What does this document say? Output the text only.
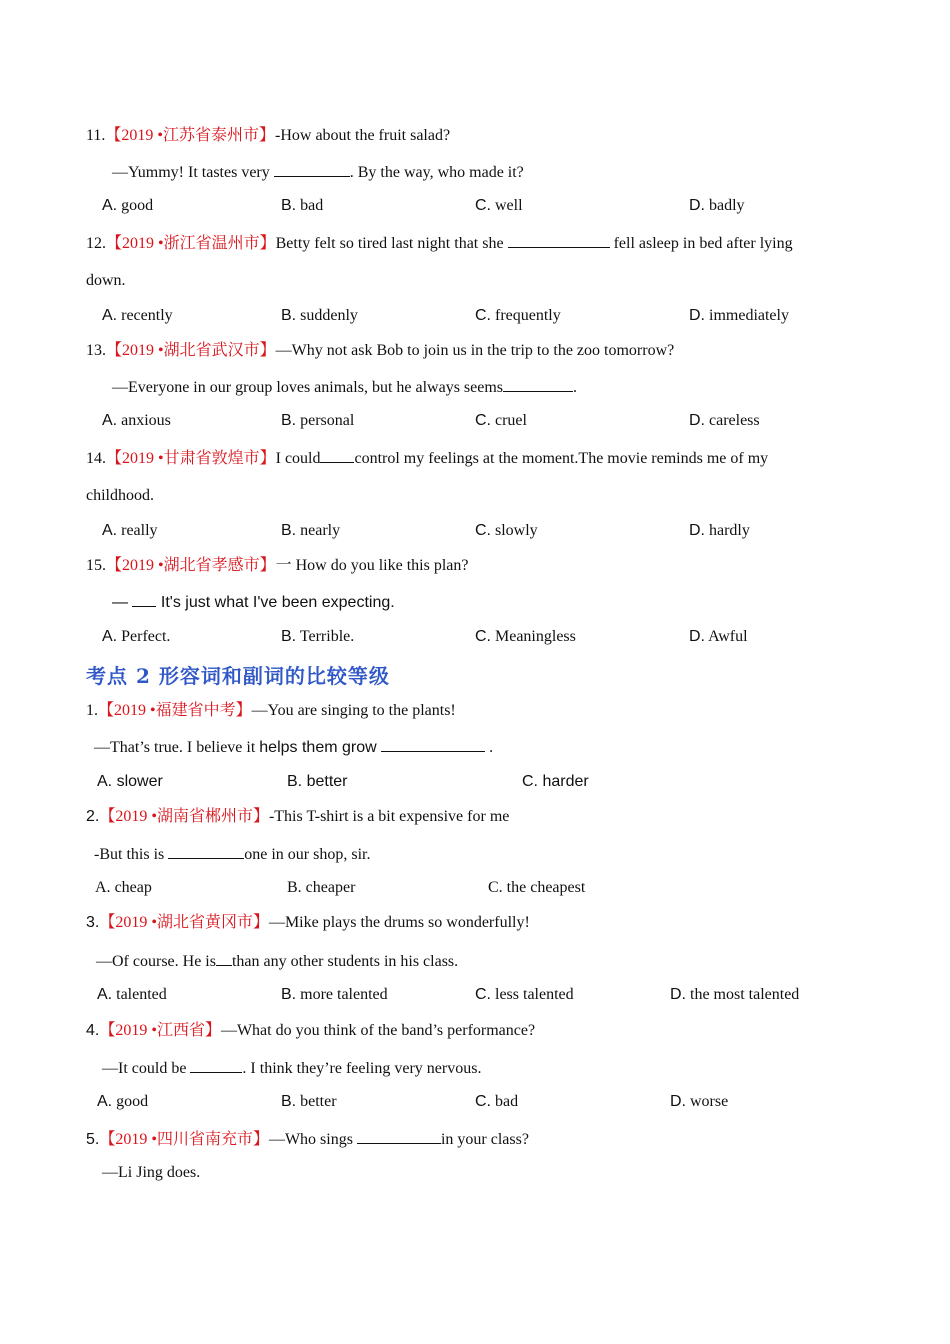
11.【2019 •江苏省泰州市】-How about the fruit salad?
—Yummy! It tastes very	. By the way, who made it?
A. good	B. bad	C. well	D. badly
12.【2019 •浙江省温州市】Betty felt so tired last night that she	fell asleep in bed after lying
down.
A. recently	B. suddenly	C. frequently	D. immediately
13.【2019 •湖北省武汉市】—Why not ask Bob to join us in the trip to the zoo tomorrow?
—Everyone in our group loves animals, but he always seems	.
A. anxious	B. personal	C. cruel	D. careless
14.【2019 •甘肃省敦煌市】I could control my feelings at the moment.The movie reminds me of my
childhood.
A. really	B. nearly	C. slowly	D. hardly
15.【2019 •湖北省孝感市】一 How do you like this plan?
—  It's just what I've been expecting.
A. Perfect.	B. Terrible.	C. Meaningless	D. Awful
考点 2 形容词和副词的比较等级
1.【2019 •福建省中考】—You are singing to the plants!
—That’s true. I believe it helps them grow	.
A. slower	B. better	C. harder
2.【2019 •湖南省郴州市】-This T-shirt is a bit expensive for me
-But this is	one in our shop, sir.
A. cheap	B. cheaper	C. the cheapest
3.【2019 •湖北省黄冈市】—Mike plays the drums so wonderfully!
—Of course. He is than any other students in his class.
A. talented	B. more talented	C. less talented	D. the most talented
4.【2019 •江西省】—What do you think of the band’s performance?
—It could be	. I think they’re feeling very nervous.
A. good	B. better	C. bad	D. worse
5.【2019 •四川省南充市】—Who sings	in your class?
—Li Jing does.
